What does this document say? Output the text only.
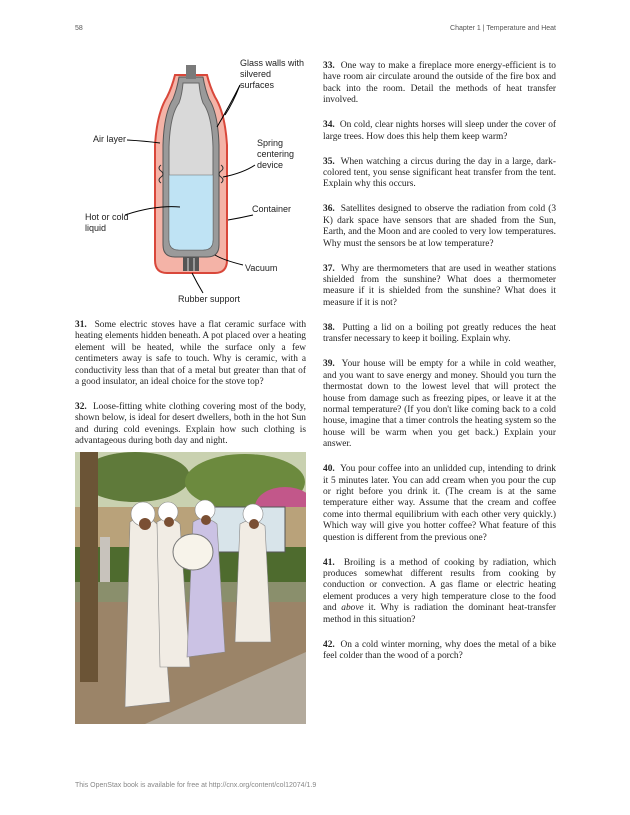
58	Chapter 1 | Temperature and Heat
Glass walls with silvered surfaces
Air layer	Spring centering device
Container
Hot or cold liquid
Vacuum
Rubber support

31. Some electric stoves have a flat ceramic surface with heating elements hidden beneath. A pot placed over a heating element will be heated, while the surface only a few centimeters away is safe to touch. Why is ceramic, with a conductivity less than that of a metal but greater than that of a good insulator, an ideal choice for the stove top?

32. Loose-fitting white clothing covering most of the body, shown below, is ideal for desert dwellers, both in the hot Sun and during cold evenings. Explain how such clothing is advantageous during both day and night.

33. One way to make a fireplace more energy-efficient is to have room air circulate around the outside of the fire box and back into the room. Detail the methods of heat transfer involved.

34. On cold, clear nights horses will sleep under the cover of large trees. How does this help them keep warm?

35. When watching a circus during the day in a large, dark-colored tent, you sense significant heat transfer from the tent. Explain why this occurs.

36. Satellites designed to observe the radiation from cold (3 K) dark space have sensors that are shaded from the Sun, Earth, and the Moon and are cooled to very low temperatures. Why must the sensors be at low temperature?

37. Why are thermometers that are used in weather stations shielded from the sunshine? What does a thermometer measure if it is shielded from the sunshine? What does it measure if it is not?

38. Putting a lid on a boiling pot greatly reduces the heat transfer necessary to keep it boiling. Explain why.

39. Your house will be empty for a while in cold weather, and you want to save energy and money. Should you turn the thermostat down to the lowest level that will protect the house from damage such as freezing pipes, or leave it at the normal temperature? (If you don't like coming back to a cold house, imagine that a timer controls the heating system so the house will be warm when you get back.) Explain your answer.

40. You pour coffee into an unlidded cup, intending to drink it 5 minutes later. You can add cream when you pour the cup or right before you drink it. (The cream is at the same temperature either way. Assume that the cream and coffee come into thermal equilibrium with each other very quickly.) Which way will give you hotter coffee? What feature of this question is different from the previous one?

41. Broiling is a method of cooking by radiation, which produces somewhat different results from cooking by conduction or convection. A gas flame or electric heating element produces a very high temperature close to the food and above it. Why is radiation the dominant heat-transfer method in this situation?

42. On a cold winter morning, why does the metal of a bike feel colder than the wood of a porch?

This OpenStax book is available for free at http://cnx.org/content/col12074/1.9
